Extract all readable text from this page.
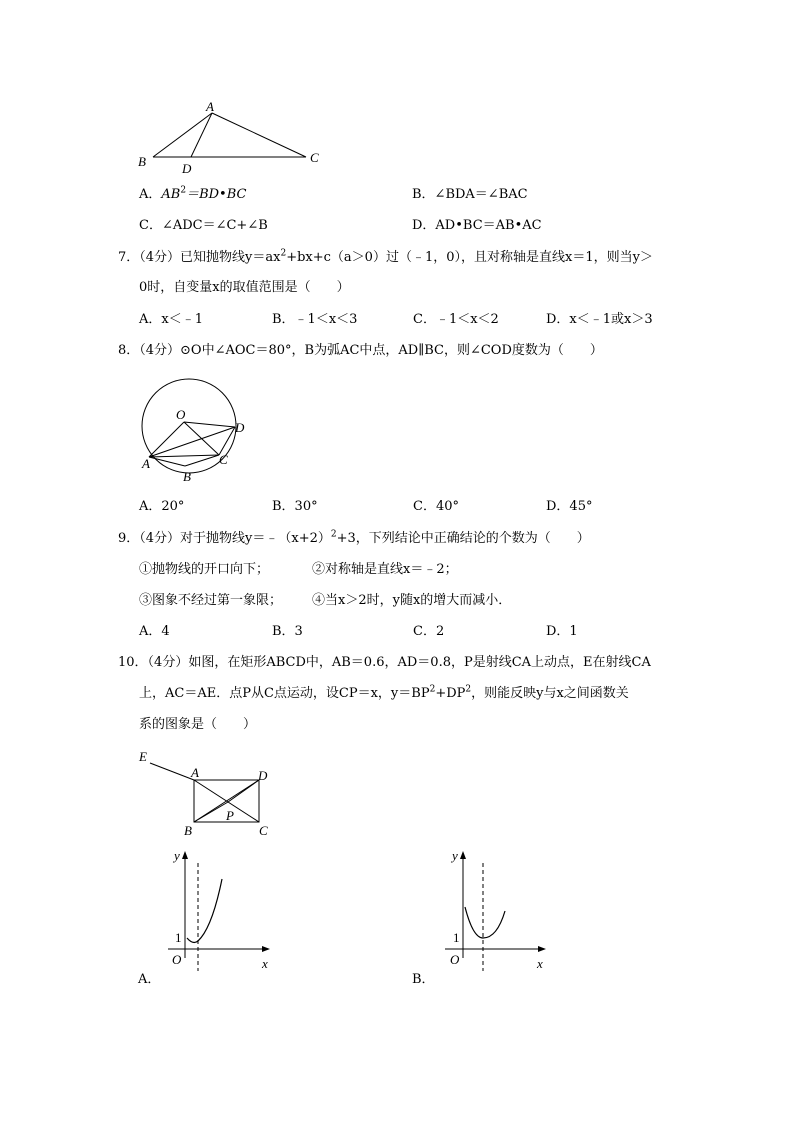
A
B	C
D
A．$AB^2=BD•BC$	B．∠BDA＝∠BAC
C．∠ADC＝∠C+∠B	D．AD•BC＝AB•AC
7．（4分）已知抛物线$y=ax^2+bx+c(a>0)$过（﹣1，0），且对称轴是直线x＝1，则当y＞
0时，自变量x的取值范围是（　　）
A．x＜﹣1	B．﹣1＜x＜3	C．﹣1＜x＜2	D．x＜﹣1或x＞3
8．（4分）⊙O中∠AOC＝80°，B为弧AC中点，AD∥BC，则∠COD度数为（　　）
O
D
C
A
B
A．20°	B．30°	C．40°	D．45°
9．（4分）对于抛物线$y=﹣(x+2)^2+3$，下列结论中正确结论的个数为（　　）
①抛物线的开口向下；	②对称轴是直线x＝﹣2；
③图象不经过第一象限； ④当x＞2时，y随x的增大而减小．
A．4	B．3	C．2	D．1
10．（4分）如图，在矩形ABCD中，AB＝0.6，AD＝0.8，P是射线CA上动点，E在射线CA
上，AC＝AE．点P从C点运动，设CP＝x，$y=BP^2+DP^2$，则能反映y与x之间函数关
系的图象是（　　）
E
A	D
B
P
C
y
x
O
1
A．
y
x
O
1
B．
